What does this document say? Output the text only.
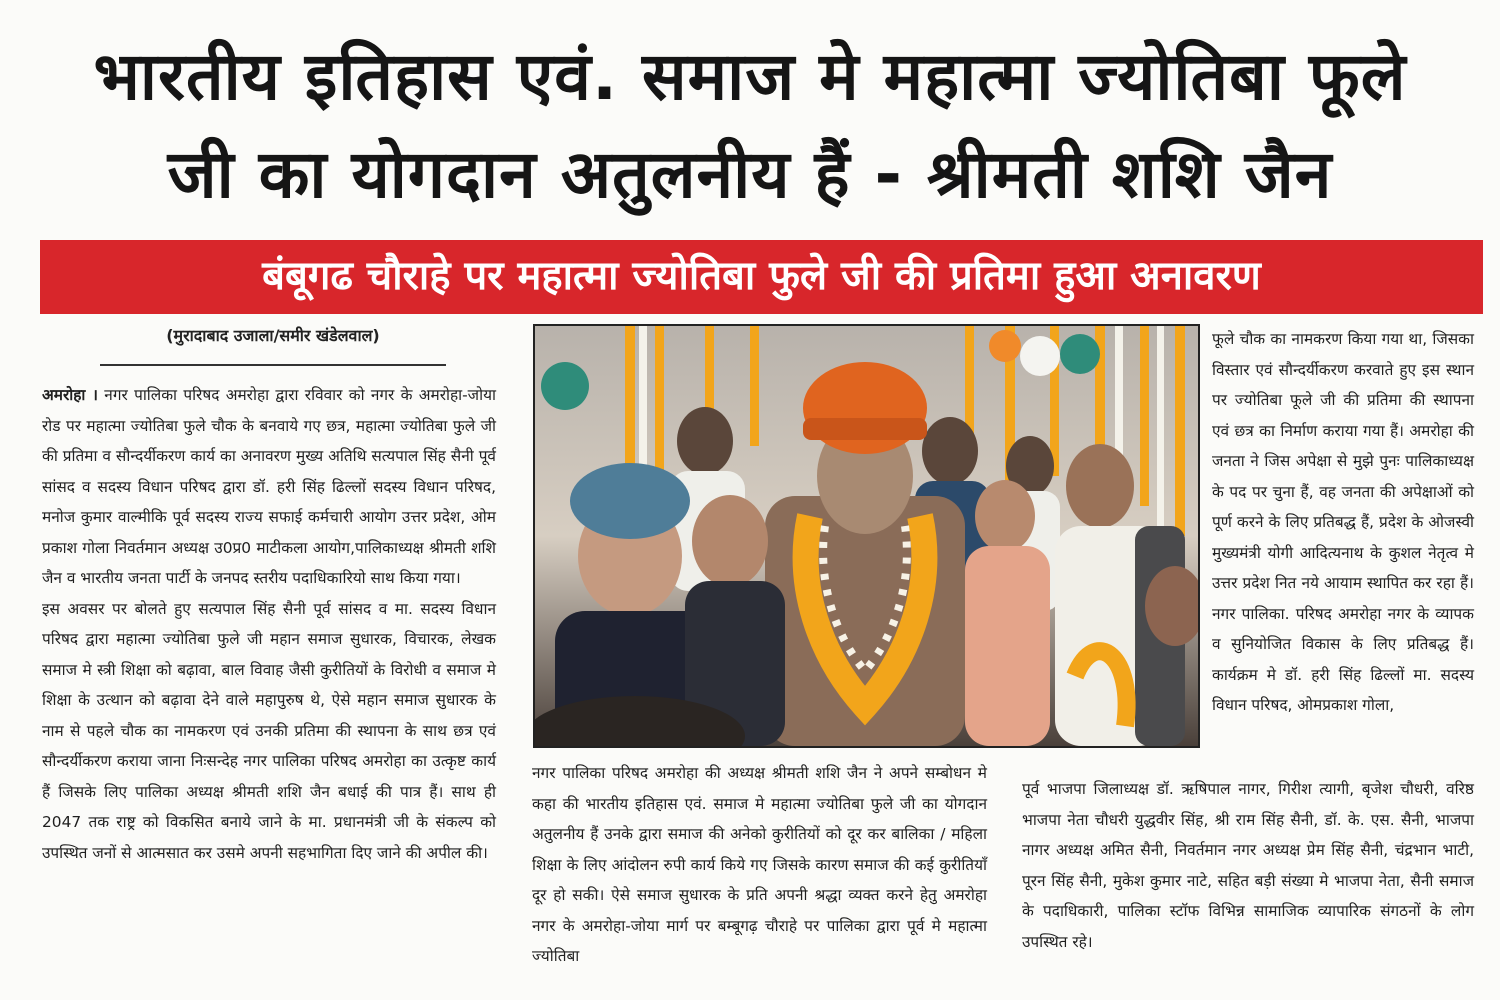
भारतीय इतिहास एवं. समाज मे महात्मा ज्योतिबा फूले
जी का योगदान अतुलनीय हैं - श्रीमती शशि जैन
बंबूगढ चौराहे पर महात्मा ज्योतिबा फुले जी की प्रतिमा हुआ अनावरण
(मुरादाबाद उजाला/समीर खंडेलवाल)

अमरोहा । नगर पालिका परिषद अमरोहा द्वारा रविवार को नगर के अमरोहा-जोया रोड पर महात्मा ज्योतिबा फुले चौक के बनवाये गए छत्र, महात्मा ज्योतिबा फुले जी की प्रतिमा व सौन्दर्यीकरण कार्य का अनावरण मुख्य अतिथि सत्यपाल सिंह सैनी पूर्व सांसद व सदस्य विधान परिषद द्वारा डॉ. हरी सिंह ढिल्लों सदस्य विधान परिषद, मनोज कुमार वाल्मीकि पूर्व सदस्य राज्य सफाई कर्मचारी आयोग उत्तर प्रदेश, ओम प्रकाश गोला निवर्तमान अध्यक्ष उ0प्र0 माटीकला आयोग,पालिकाध्यक्ष श्रीमती शशि जैन व भारतीय जनता पार्टी के जनपद स्तरीय पदाधिकारियो साथ किया गया।

इस अवसर पर बोलते हुए सत्यपाल सिंह सैनी पूर्व सांसद व मा. सदस्य विधान परिषद द्वारा महात्मा ज्योतिबा फुले जी महान समाज सुधारक, विचारक, लेखक समाज मे स्त्री शिक्षा को बढ़ावा, बाल विवाह जैसी कुरीतियों के विरोधी व समाज मे शिक्षा के उत्थान को बढ़ावा देने वाले महापुरुष थे, ऐसे महान समाज सुधारक के नाम से पहले चौक का नामकरण एवं उनकी प्रतिमा की स्थापना के साथ छत्र एवं सौन्दर्यीकरण कराया जाना निःसन्देह नगर पालिका परिषद अमरोहा का उत्कृष्ट कार्य हैं जिसके लिए पालिका अध्यक्ष श्रीमती शशि जैन बधाई की पात्र हैं। साथ ही 2047 तक राष्ट्र को विकसित बनाये जाने के मा. प्रधानमंत्री जी के संकल्प को उपस्थित जनों से आत्मसात कर उसमे अपनी सहभागिता दिए जाने की अपील की।

नगर पालिका परिषद अमरोहा की अध्यक्ष श्रीमती शशि जैन ने अपने सम्बोधन मे कहा की भारतीय इतिहास एवं. समाज मे महात्मा ज्योतिबा फुले जी का योगदान अतुलनीय हैं उनके द्वारा समाज की अनेको कुरीतियों को दूर कर बालिका / महिला शिक्षा के लिए आंदोलन रुपी कार्य किये गए जिसके कारण समाज की कई कुरीतियाँ दूर हो सकी। ऐसे समाज सुधारक के प्रति अपनी श्रद्धा व्यक्त करने हेतु अमरोहा नगर के अमरोहा-जोया मार्ग पर बम्बूगढ़ चौराहे पर पालिका द्वारा पूर्व मे महात्मा ज्योतिबा

फूले चौक का नामकरण किया गया था, जिसका विस्तार एवं सौन्दर्यीकरण करवाते हुए इस स्थान पर ज्योतिबा फूले जी की प्रतिमा की स्थापना एवं छत्र का निर्माण कराया गया हैं। अमरोहा की जनता ने जिस अपेक्षा से मुझे पुनः पालिकाध्यक्ष के पद पर चुना हैं, वह जनता की अपेक्षाओं को पूर्ण करने के लिए प्रतिबद्ध हैं, प्रदेश के ओजस्वी मुख्यमंत्री योगी आदित्यनाथ के कुशल नेतृत्व मे उत्तर प्रदेश नित नये आयाम स्थापित कर रहा हैं। नगर पालिका. परिषद अमरोहा नगर के व्यापक व सुनियोजित विकास के लिए प्रतिबद्ध हैं। कार्यक्रम मे डॉ. हरी सिंह ढिल्लों मा. सदस्य विधान परिषद, ओमप्रकाश गोला,

पूर्व भाजपा जिलाध्यक्ष डॉ. ऋषिपाल नागर, गिरीश त्यागी, बृजेश चौधरी, वरिष्ठ भाजपा नेता चौधरी युद्धवीर सिंह, श्री राम सिंह सैनी, डॉ. के. एस. सैनी, भाजपा नागर अध्यक्ष अमित सैनी, निवर्तमान नगर अध्यक्ष प्रेम सिंह सैनी, चंद्रभान भाटी, पूरन सिंह सैनी, मुकेश कुमार नाटे, सहित बड़ी संख्या मे भाजपा नेता, सैनी समाज के पदाधिकारी, पालिका स्टॉफ विभिन्न सामाजिक व्यापारिक संगठनों के लोग उपस्थित रहे।
